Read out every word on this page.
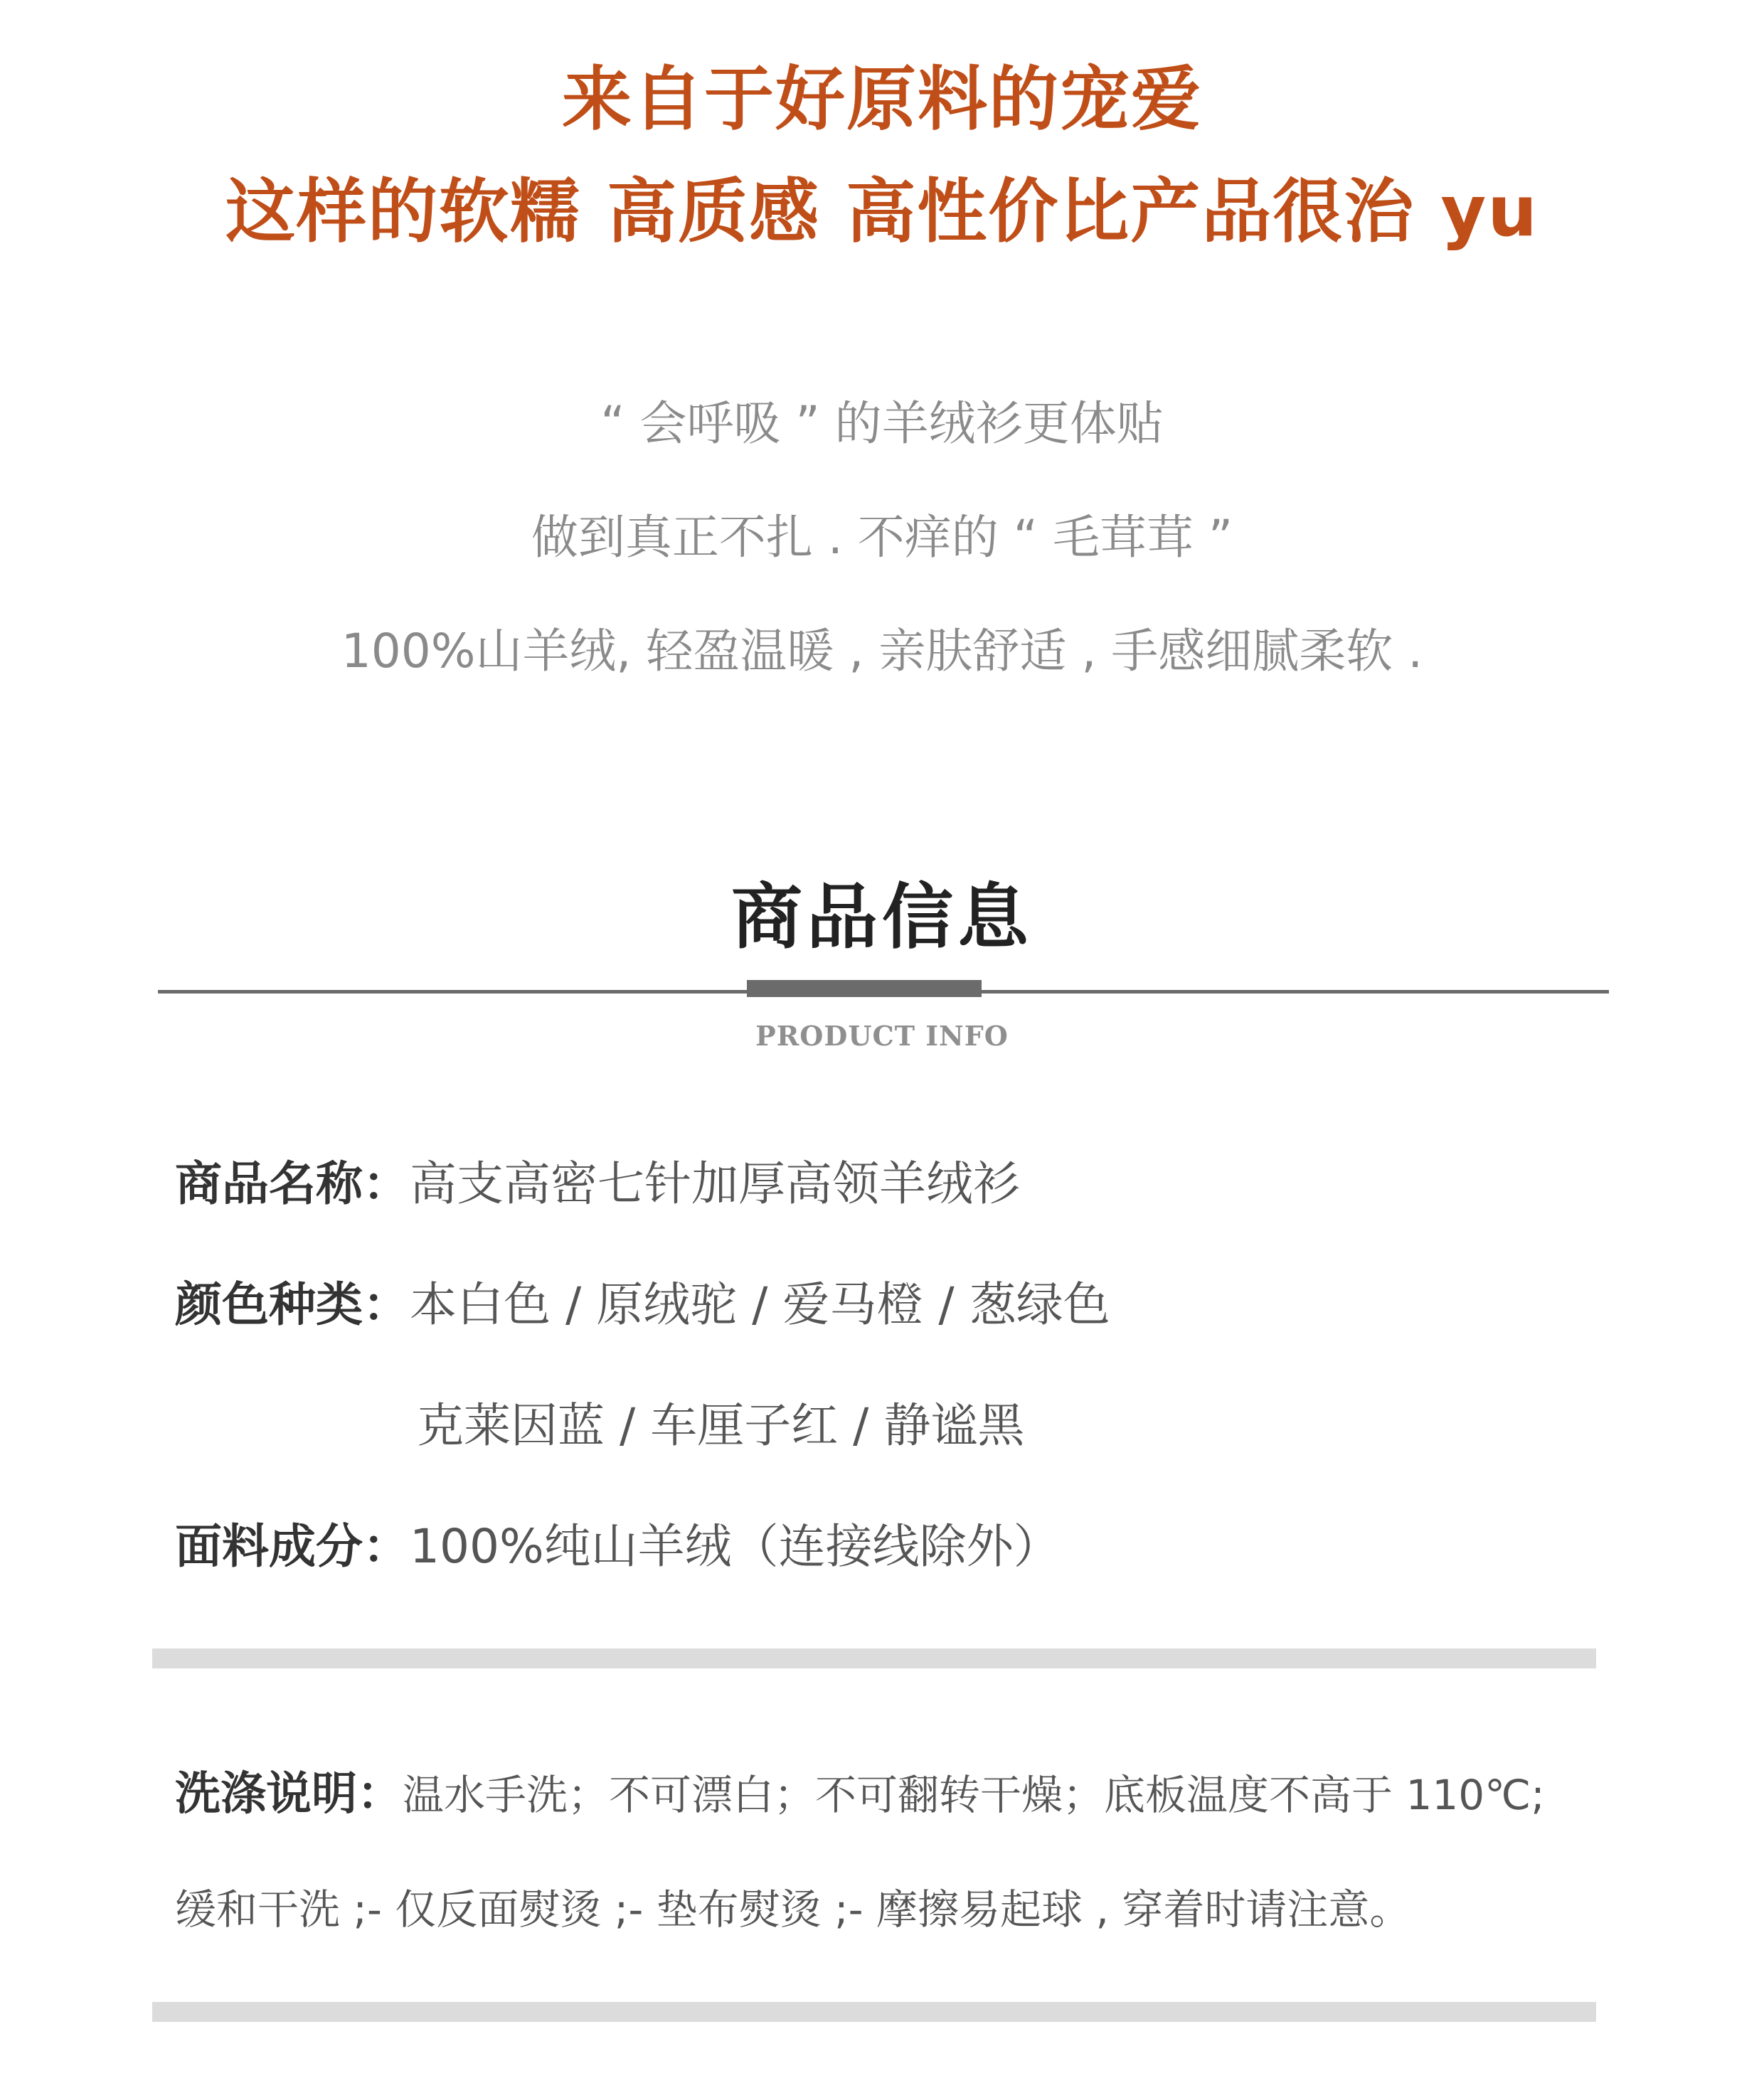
来自于好原料的宠爱
这样的软糯 高质感 高性价比产品很治 yu
“ 会呼吸 ” 的羊绒衫更体贴
做到真正不扎 . 不痒的 “ 毛茸茸 ”
100%山羊绒, 轻盈温暖 , 亲肤舒适 , 手感细腻柔软 .
商品信息
PRODUCT INFO
商品名称：高支高密七针加厚高领羊绒衫
颜色种类：本白色 / 原绒驼 / 爱马橙 / 葱绿色
克莱因蓝 / 车厘子红 / 静谧黑
面料成分：100%纯山羊绒（连接线除外）
洗涤说明：温水手洗；不可漂白；不可翻转干燥；底板温度不高于 110℃;
缓和干洗 ;- 仅反面熨烫 ;- 垫布熨烫 ;- 摩擦易起球 , 穿着时请注意。
